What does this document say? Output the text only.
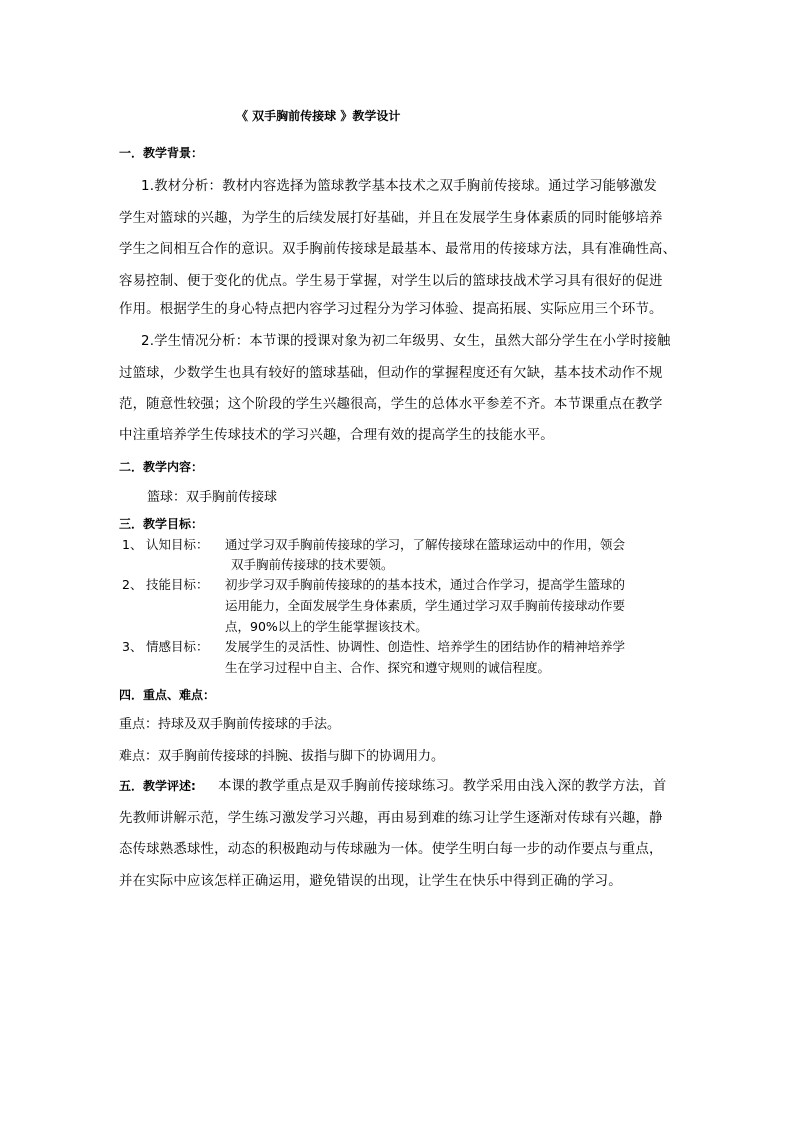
《 双手胸前传接球 》教学设计
一．教学背景：
1.教材分析：教材内容选择为篮球教学基本技术之双手胸前传接球。通过学习能够激发
学生对篮球的兴趣，为学生的后续发展打好基础，并且在发展学生身体素质的同时能够培养
学生之间相互合作的意识。双手胸前传接球是最基本、最常用的传接球方法，具有准确性高、
容易控制、便于变化的优点。学生易于掌握，对学生以后的篮球技战术学习具有很好的促进
作用。根据学生的身心特点把内容学习过程分为学习体验、提高拓展、实际应用三个环节。
2.学生情况分析：本节课的授课对象为初二年级男、女生，虽然大部分学生在小学时接触
过篮球，少数学生也具有较好的篮球基础，但动作的掌握程度还有欠缺，基本技术动作不规
范，随意性较强；这个阶段的学生兴趣很高，学生的总体水平参差不齐。本节课重点在教学
中注重培养学生传球技术的学习兴趣，合理有效的提高学生的技能水平。
二．教学内容：
篮球：双手胸前传接球
三．教学目标：
1、 认知目标： 通过学习双手胸前传接球的学习，了解传接球在篮球运动中的作用，领会
双手胸前传接球的技术要领。
2、 技能目标： 初步学习双手胸前传接球的的基本技术，通过合作学习，提高学生篮球的
运用能力，全面发展学生身体素质，学生通过学习双手胸前传接球动作要
点，90%以上的学生能掌握该技术。
3、 情感目标： 发展学生的灵活性、协调性、创造性、培养学生的团结协作的精神培养学
生在学习过程中自主、合作、探究和遵守规则的诚信程度。
四．重点、难点：
重点：持球及双手胸前传接球的手法。
难点：双手胸前传接球的抖腕、拔指与脚下的协调用力。
五．教学评述: 本课的教学重点是双手胸前传接球练习。教学采用由浅入深的教学方法，首
先教师讲解示范，学生练习激发学习兴趣，再由易到难的练习让学生逐渐对传球有兴趣，静
态传球熟悉球性，动态的积极跑动与传球融为一体。使学生明白每一步的动作要点与重点，
并在实际中应该怎样正确运用，避免错误的出现，让学生在快乐中得到正确的学习。
